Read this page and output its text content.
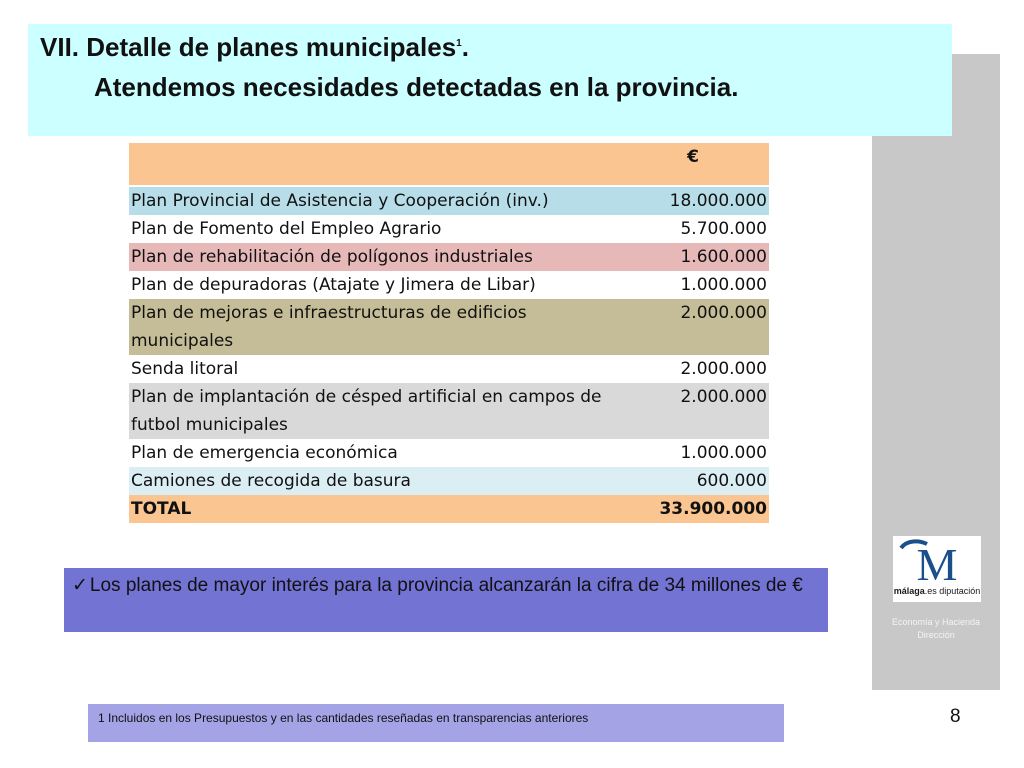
VII. Detalle de planes municipales$^1$.
Atendemos necesidades detectadas en la provincia.
	€
Plan Provincial de Asistencia y Cooperación (inv.)	18.000.000
Plan de Fomento del Empleo Agrario	5.700.000
Plan de rehabilitación de polígonos industriales	1.600.000
Plan de depuradoras (Atajate y Jimera de Libar)	1.000.000
Plan de mejoras e infraestructuras de edificios municipales	2.000.000
Senda litoral	2.000.000
Plan de implantación de césped artificial en campos de futbol municipales	2.000.000
Plan de emergencia económica	1.000.000
Camiones de recogida de basura	600.000
TOTAL	33.900.000
✓ Los planes de mayor interés para la provincia alcanzarán la cifra de 34 millones de €
1 Incluidos en los Presupuestos y en las cantidades reseñadas en transparencias anteriores	8
M
málaga.es diputación
Economía y Hacienda
Dirección
